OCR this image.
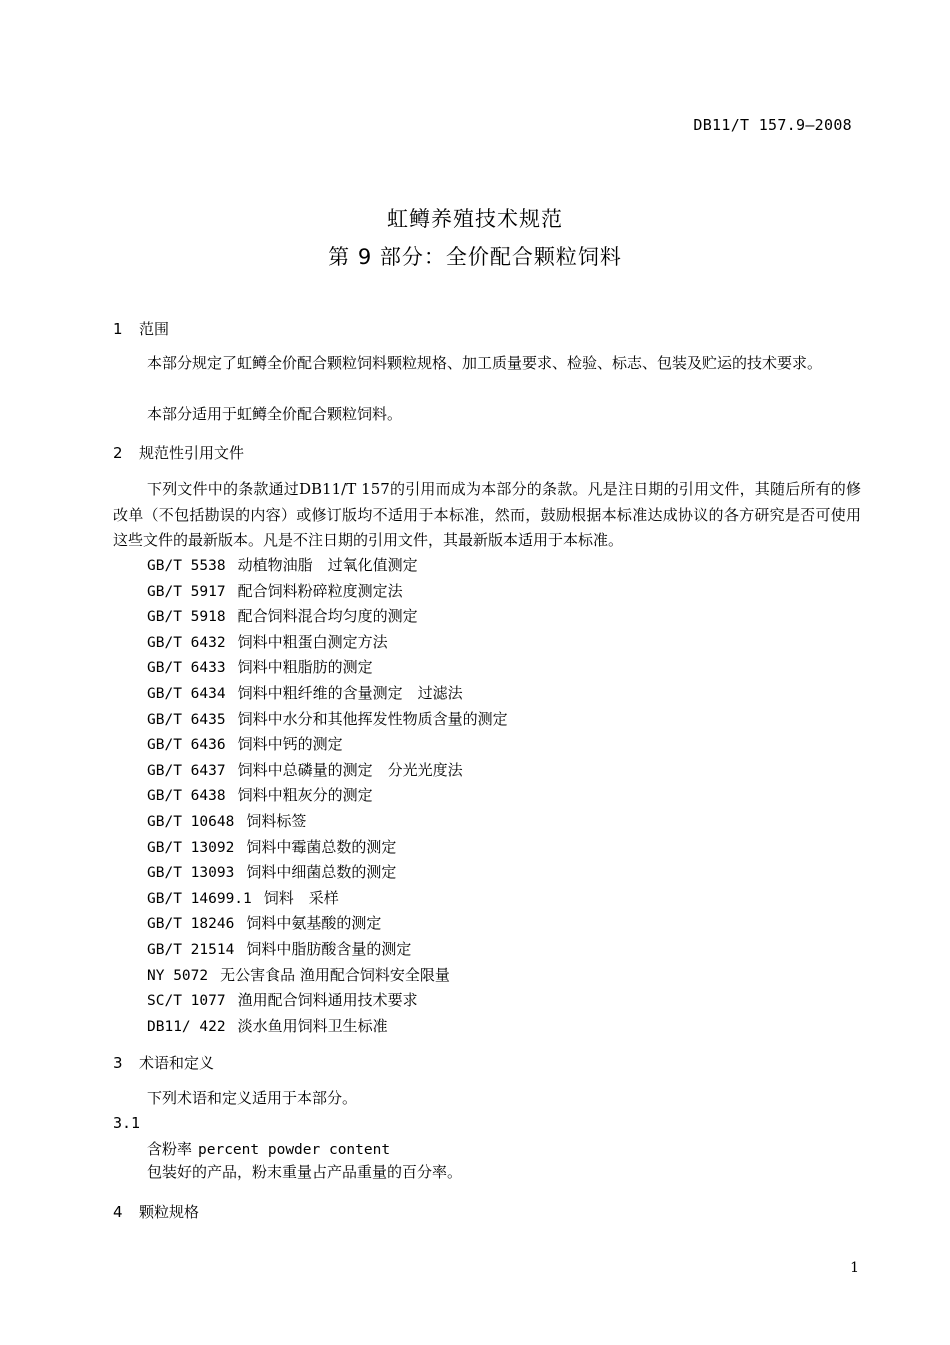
DB11/T 157.9—2008
虹鳟养殖技术规范
第 9 部分：全价配合颗粒饲料
1 范围

本部分规定了虹鳟全价配合颗粒饲料颗粒规格、加工质量要求、检验、标志、包装及贮运的技术要求。

本部分适用于虹鳟全价配合颗粒饲料。

2 规范性引用文件

下列文件中的条款通过DB11/T 157的引用而成为本部分的条款。凡是注日期的引用文件，其随后所有的修改单（不包括勘误的内容）或修订版均不适用于本标准，然而，鼓励根据本标准达成协议的各方研究是否可使用这些文件的最新版本。凡是不注日期的引用文件，其最新版本适用于本标准。

GB/T 5538 动植物油脂　过氧化值测定
GB/T 5917 配合饲料粉碎粒度测定法
GB/T 5918 配合饲料混合均匀度的测定
GB/T 6432 饲料中粗蛋白测定方法
GB/T 6433 饲料中粗脂肪的测定
GB/T 6434 饲料中粗纤维的含量测定　过滤法
GB/T 6435 饲料中水分和其他挥发性物质含量的测定
GB/T 6436 饲料中钙的测定
GB/T 6437 饲料中总磷量的测定　分光光度法
GB/T 6438 饲料中粗灰分的测定
GB/T 10648 饲料标签
GB/T 13092 饲料中霉菌总数的测定
GB/T 13093 饲料中细菌总数的测定
GB/T 14699.1 饲料　采样
GB/T 18246 饲料中氨基酸的测定
GB/T 21514 饲料中脂肪酸含量的测定
NY 5072 无公害食品 渔用配合饲料安全限量
SC/T 1077 渔用配合饲料通用技术要求
DB11/ 422 淡水鱼用饲料卫生标准
3 术语和定义

下列术语和定义适用于本部分。

3.1
含粉率 percent powder content
包装好的产品，粉末重量占产品重量的百分率。
4 颗粒规格
1
